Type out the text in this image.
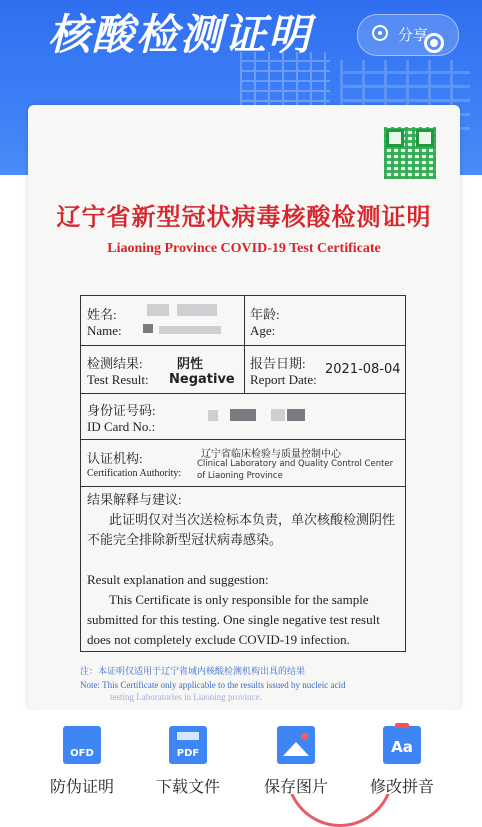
核酸检测证明	分享
辽宁省新型冠状病毒核酸检测证明
Liaoning Province COVID-19 Test Certificate
姓名:
Name:
年龄:
Age:
检测结果:
Test Result:
阴性
Negative
报告日期:
Report Date:
2021-08-04
身份证号码:
ID Card No.:
认证机构:
Certification Authority:
辽宁省临床检验与质量控制中心
Clinical Laboratory and Quality Control Center
of Liaoning Province
结果解释与建议:
此证明仅对当次送检标本负责，单次核酸检测阴性
不能完全排除新型冠状病毒感染。
Result explanation and suggestion:
This Certificate is only responsible for the sample
submitted for this testing. One single negative test result
does not completely exclude COVID-19 infection.
注：本证明仅适用于辽宁省域内核酸检测机构出具的结果
Note: This Certificate only applicable to the results issued by nucleic acid
testing Laboratories in Liaoning province.
OFD
防伪证明
PDF
下载文件	保存图片
Aa
修改拼音
